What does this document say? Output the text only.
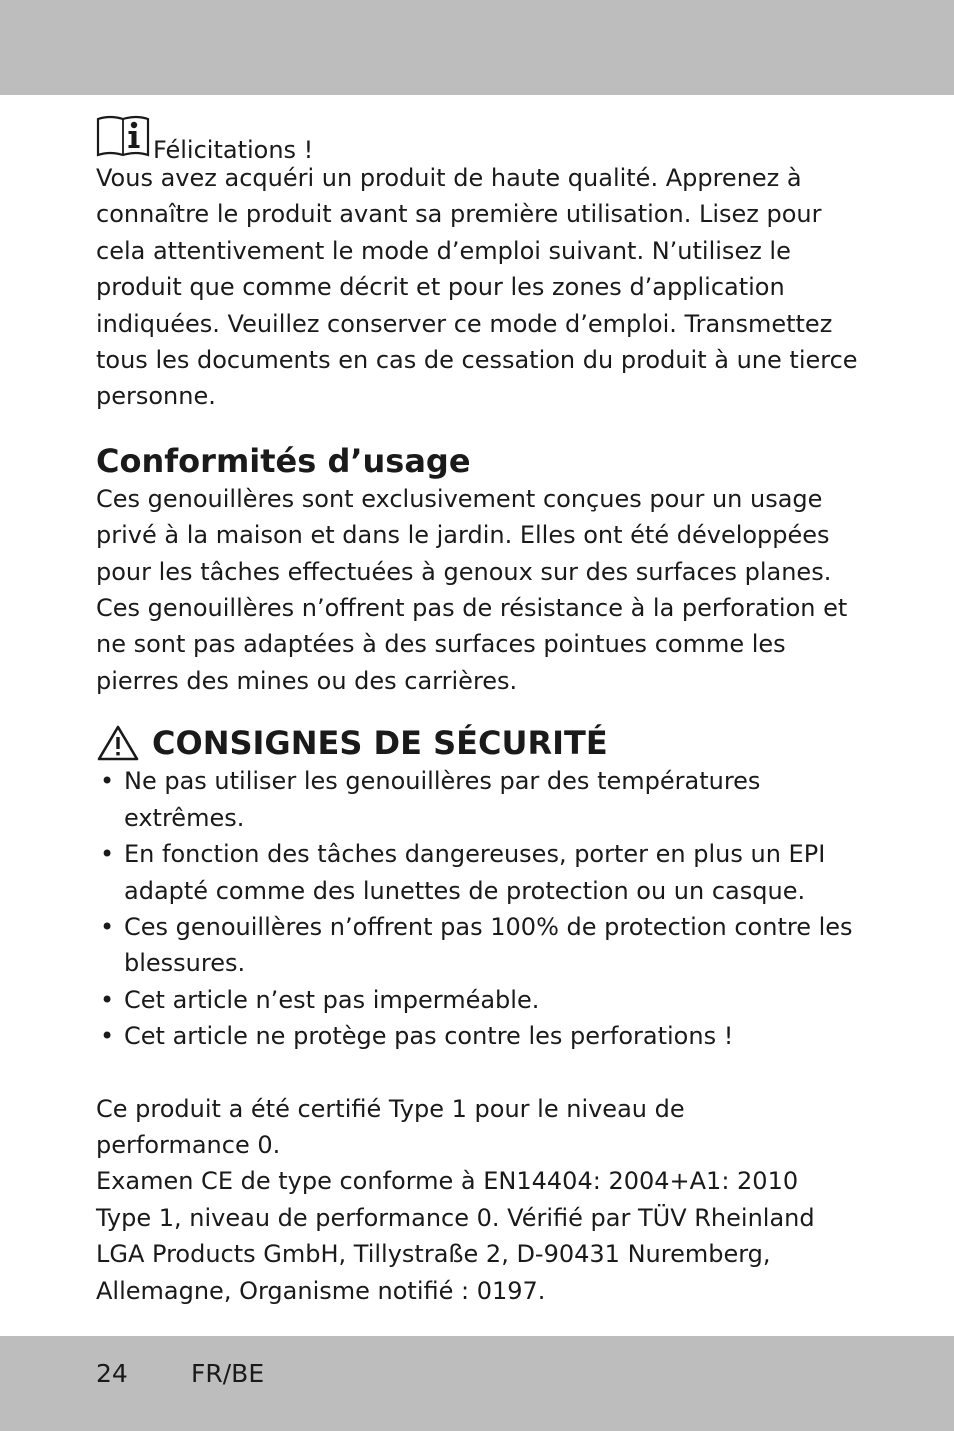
Félicitations !

Vous avez acquéri un produit de haute qualité. Apprenez à connaître le produit avant sa première utilisation. Lisez pour cela attentivement le mode d’emploi suivant. N’utilisez le produit que comme décrit et pour les zones d’application indiquées. Veuillez conserver ce mode d’emploi. Transmettez tous les documents en cas de cessation du produit à une tierce personne.

Conformités d’usage

Ces genouillères sont exclusivement conçues pour un usage privé à la maison et dans le jardin. Elles ont été développées pour les tâches effectuées à genoux sur des surfaces planes. Ces genouillères n’offrent pas de résistance à la perforation et ne sont pas adaptées à des surfaces pointues comme les pierres des mines ou des carrières.

CONSIGNES DE SÉCURITÉ
• Ne pas utiliser les genouillères par des températures extrêmes.
• En fonction des tâches dangereuses, porter en plus un EPI adapté comme des lunettes de protection ou un casque.
• Ces genouillères n’offrent pas 100% de protection contre les blessures.
• Cet article n’est pas imperméable.
• Cet article ne protège pas contre les perforations !

Ce produit a été certifié Type 1 pour le niveau de performance 0.

Examen CE de type conforme à EN14404: 2004+A1: 2010 Type 1, niveau de performance 0. Vérifié par TÜV Rheinland LGA Products GmbH, Tillystraße 2, D-90431 Nuremberg, Allemagne, Organisme notifié : 0197.

24	FR/BE
